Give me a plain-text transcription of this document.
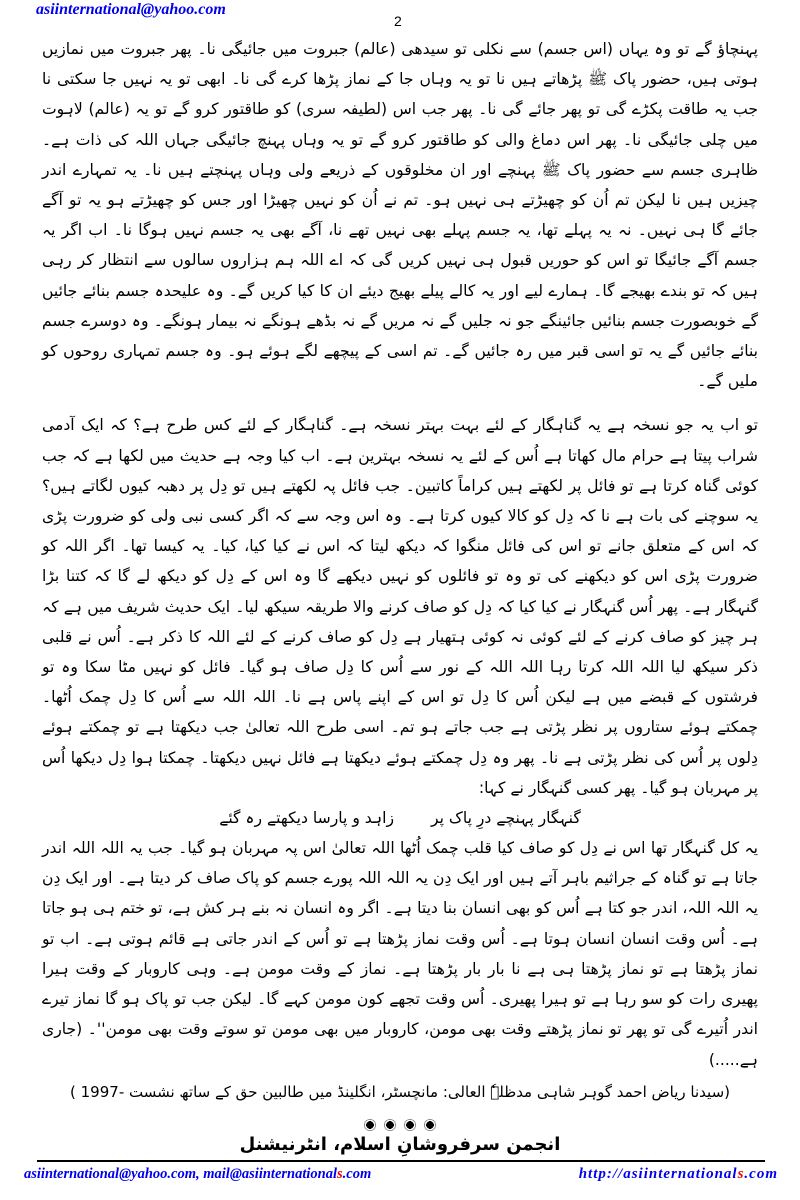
asiinternational@yahoo.com
2

پہنچاؤ گے تو وہ یہاں (اس جسم) سے نکلی تو سیدھی (عالم) جبروت میں جائیگی نا۔ پھر جبروت میں نمازیں ہوتی ہیں، حضور پاک ﷺ پڑھاتے ہیں نا تو یہ وہاں جا کے نماز پڑھا کرے گی نا۔ ابھی تو یہ نہیں جا سکتی نا جب یہ طاقت پکڑے گی تو پھر جائے گی نا۔ پھر جب اس (لطیفہ سری) کو طاقتور کرو گے تو یہ (عالم) لاہوت میں چلی جائیگی نا۔ پھر اس دماغ والی کو طاقتور کرو گے تو یہ وہاں پہنچ جائیگی جہاں اللہ کی ذات ہے۔ ظاہری جسم سے حضور پاک ﷺ پہنچے اور ان مخلوقوں کے ذریعے ولی وہاں پہنچتے ہیں نا۔ یہ تمہارے اندر چیزیں ہیں نا لیکن تم اُن کو چھیڑتے ہی نہیں ہو۔ تم نے اُن کو نہیں چھیڑا اور جس کو چھیڑتے ہو یہ تو آگے جائے گا ہی نہیں۔ نہ یہ پہلے تھا، یہ جسم پہلے بھی نہیں تھے نا، آگے بھی یہ جسم نہیں ہوگا نا۔ اب اگر یہ جسم آگے جائیگا تو اس کو حوریں قبول ہی نہیں کریں گی کہ اے اللہ ہم ہزاروں سالوں سے انتظار کر رہی ہیں کہ تو بندے بھیجے گا۔ ہمارے لیے اور یہ کالے پیلے بھیج دیئے ان کا کیا کریں گے۔ وہ علیحدہ جسم بنائے جائیں گے خوبصورت جسم بنائیں جائینگے جو نہ جلیں گے نہ مریں گے نہ بڈھے ہونگے نہ بیمار ہونگے۔ وہ دوسرے جسم بنائے جائیں گے یہ تو اسی قبر میں رہ جائیں گے۔ تم اسی کے پیچھے لگے ہوئے ہو۔ وہ جسم تمہاری روحوں کو ملیں گے۔

تو اب یہ جو نسخہ ہے یہ گناہگار کے لئے بہت بہتر نسخہ ہے۔ گناہگار کے لئے کس طرح ہے؟ کہ ایک آدمی شراب پیتا ہے حرام مال کھاتا ہے اُس کے لئے یہ نسخہ بہترین ہے۔ اب کیا وجہ ہے حدیث میں لکھا ہے کہ جب کوئی گناہ کرتا ہے تو فائل پر لکھتے ہیں کراماً کاتبین۔ جب فائل پہ لکھتے ہیں تو دِل پر دھبہ کیوں لگاتے ہیں؟ یہ سوچنے کی بات ہے نا کہ دِل کو کالا کیوں کرتا ہے۔ وہ اس وجہ سے کہ اگر کسی نبی ولی کو ضرورت پڑی کہ اس کے متعلق جانے تو اس کی فائل منگوا کہ دیکھ لیتا کہ اس نے کیا کیا، کیا۔ یہ کیسا تھا۔ اگر اللہ کو ضرورت پڑی اس کو دیکھنے کی تو وہ تو فائلوں کو نہیں دیکھے گا وہ اس کے دِل کو دیکھ لے گا کہ کتنا بڑا گنہگار ہے۔ پھر اُس گنہگار نے کیا کیا کہ دِل کو صاف کرنے والا طریقہ سیکھ لیا۔ ایک حدیث شریف میں ہے کہ ہر چیز کو صاف کرنے کے لئے کوئی نہ کوئی ہتھیار ہے دِل کو صاف کرنے کے لئے اللہ کا ذکر ہے۔ اُس نے قلبی ذکر سیکھ لیا اللہ اللہ کرتا رہا اللہ اللہ کے نور سے اُس کا دِل صاف ہو گیا۔ فائل کو نہیں مٹا سکا وہ تو فرشتوں کے قبضے میں ہے لیکن اُس کا دِل تو اس کے اپنے پاس ہے نا۔ اللہ اللہ سے اُس کا دِل چمک اُٹھا۔ چمکتے ہوئے ستاروں پر نظر پڑتی ہے جب جاتے ہو تم۔ اسی طرح اللہ تعالیٰ جب دیکھتا ہے تو چمکتے ہوئے دِلوں پر اُس کی نظر پڑتی ہے نا۔ پھر وہ دِل چمکتے ہوئے دیکھتا ہے فائل نہیں دیکھتا۔ چمکتا ہوا دِل دیکھا اُس پر مہربان ہو گیا۔ پھر کسی گنہگار نے کہا:

گنہگار پہنچے درِ پاک پر زاہد و پارسا دیکھتے رہ گئے

یہ کل گنہگار تھا اس نے دِل کو صاف کیا قلب چمک اُٹھا اللہ تعالیٰ اس پہ مہربان ہو گیا۔ جب یہ اللہ اللہ اندر جاتا ہے تو گناہ کے جراثیم باہر آتے ہیں اور ایک دِن یہ اللہ اللہ پورے جسم کو پاک صاف کر دیتا ہے۔ اور ایک دِن یہ اللہ اللہ، اندر جو کتا ہے اُس کو بھی انسان بنا دیتا ہے۔ اگر وہ انسان نہ بنے ہر کش ہے، تو ختم ہی ہو جاتا ہے۔ اُس وقت انسان انسان ہوتا ہے۔ اُس وقت نماز پڑھتا ہے تو اُس کے اندر جاتی ہے قائم ہوتی ہے۔ اب تو نماز پڑھتا ہے تو نماز پڑھتا ہی ہے نا بار بار پڑھتا ہے۔ نماز کے وقت مومن ہے۔ وہی کاروبار کے وقت ہیرا پھیری رات کو سو رہا ہے تو ہیرا پھیری۔ اُس وقت تجھے کون مومن کہے گا۔ لیکن جب تو پاک ہو گا نماز تیرے اندر اُتیرے گی تو پھر تو نماز پڑھتے وقت بھی مومن، کاروبار میں بھی مومن تو سوتے وقت بھی مومن''۔ (جاری ہے.....)

(سیدنا ریاض احمد گوہر شاہی مدظلہٗ العالی: مانچسٹر، انگلینڈ میں طالبین حق کے ساتھ نشست -1997 )

انجمن سرفروشانِ اسلام، انٹرنیشنل
asiinternational@yahoo.com, mail@asiinternationals.com	http://asiinternationals.com
